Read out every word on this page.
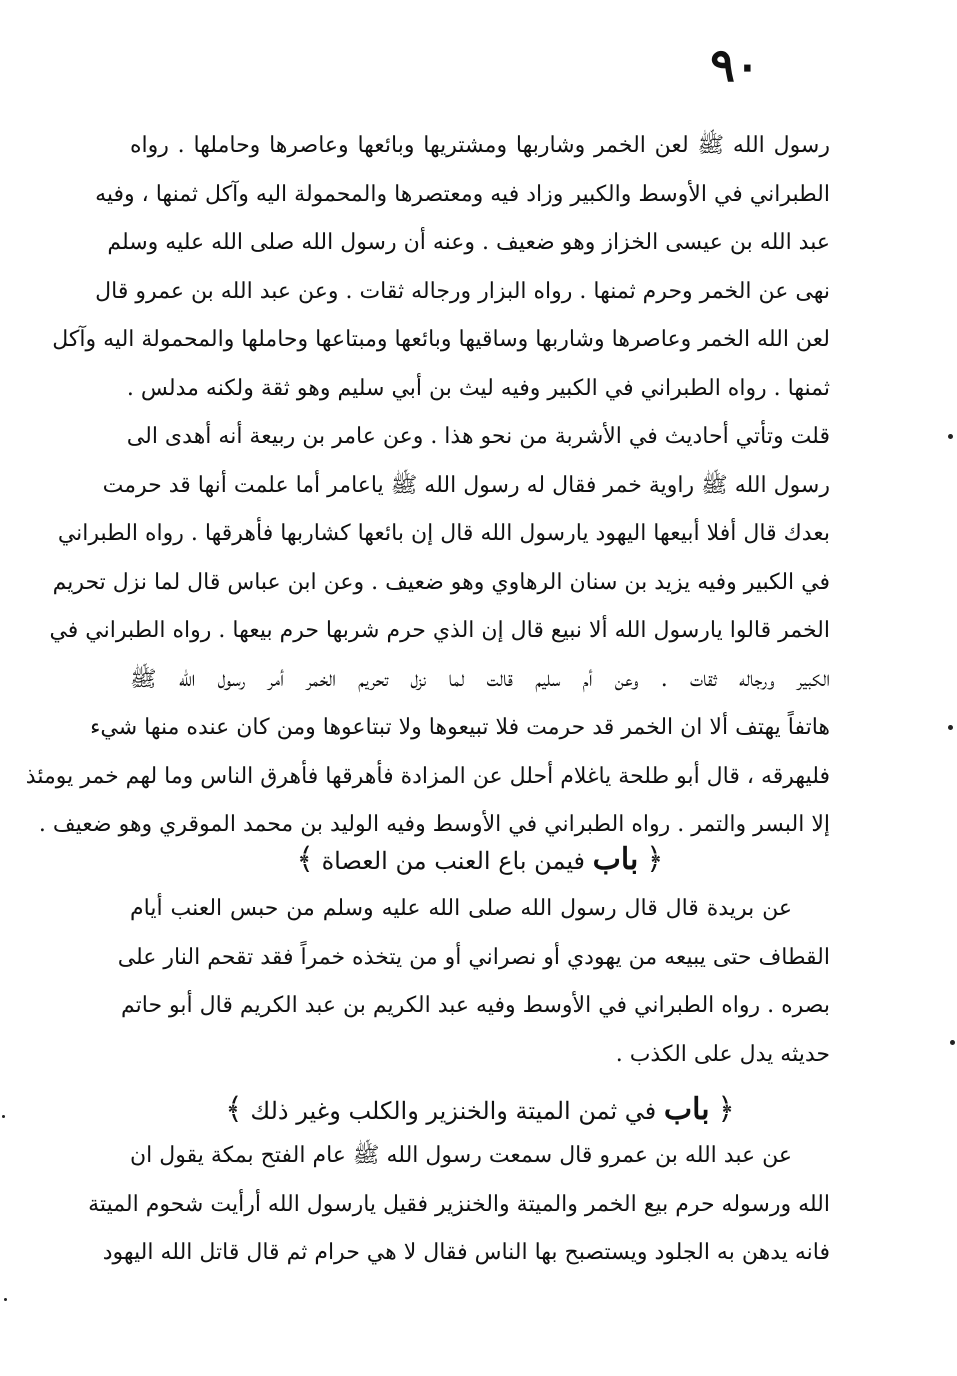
٩٠
رسول الله ﷺ لعن الخمر وشاربها ومشتريها وبائعها وعاصرها وحاملها . رواه
الطبراني في الأوسط والكبير وزاد فيه ومعتصرها والمحمولة اليه وآكل ثمنها ، وفيه
عبد الله بن عيسى الخزاز وهو ضعيف . وعنه أن رسول الله صلى الله عليه وسلم
نهى عن الخمر وحرم ثمنها . رواه البزار ورجاله ثقات . وعن عبد الله بن عمرو قال
لعن الله الخمر وعاصرها وشاربها وساقيها وبائعها ومبتاعها وحاملها والمحمولة اليه وآكل
ثمنها . رواه الطبراني في الكبير وفيه ليث بن أبي سليم وهو ثقة ولكنه مدلس .
قلت وتأتي أحاديث في الأشربة من نحو هذا . وعن عامر بن ربيعة أنه أهدى الى
رسول الله ﷺ راوية خمر فقال له رسول الله ﷺ ياعامر أما علمت أنها قد حرمت
بعدك قال أفلا أبيعها اليهود يارسول الله قال إن بائعها كشاربها فأهرقها . رواه الطبراني
في الكبير وفيه يزيد بن سنان الرهاوي وهو ضعيف . وعن ابن عباس قال لما نزل تحريم
الخمر قالوا يارسول الله ألا نبيع قال إن الذي حرم شربها حرم بيعها . رواه الطبراني في
الكبير ورجاله ثقات . وعن أم سليم قالت لما نزل تحريم الخمر أمر رسول الله ﷺ
هاتفاً يهتف ألا ان الخمر قد حرمت فلا تبيعوها ولا تبتاعوها ومن كان عنده منها شيء
فليهرقه ، قال أبو طلحة ياغلام أحلل عن المزادة فأهرقها فأهرق الناس وما لهم خمر يومئذ
إلا البسر والتمر . رواه الطبراني في الأوسط وفيه الوليد بن محمد الموقري وهو ضعيف .
﴿ باب فيمن باع العنب من العصاة ﴾
عن بريدة قال قال رسول الله صلى الله عليه وسلم من حبس العنب أيام
القطاف حتى يبيعه من يهودي أو نصراني أو من يتخذه خمراً فقد تقحم النار على
بصره . رواه الطبراني في الأوسط وفيه عبد الكريم بن عبد الكريم قال أبو حاتم
حديثه يدل على الكذب .
﴿ باب في ثمن الميتة والخنزير والكلب وغير ذلك ﴾
عن عبد الله بن عمرو قال سمعت رسول الله ﷺ عام الفتح بمكة يقول ان
الله ورسوله حرم بيع الخمر والميتة والخنزير فقيل يارسول الله أرأيت شحوم الميتة
فانه يدهن به الجلود ويستصبح بها الناس فقال لا هي حرام ثم قال قاتل الله اليهود
